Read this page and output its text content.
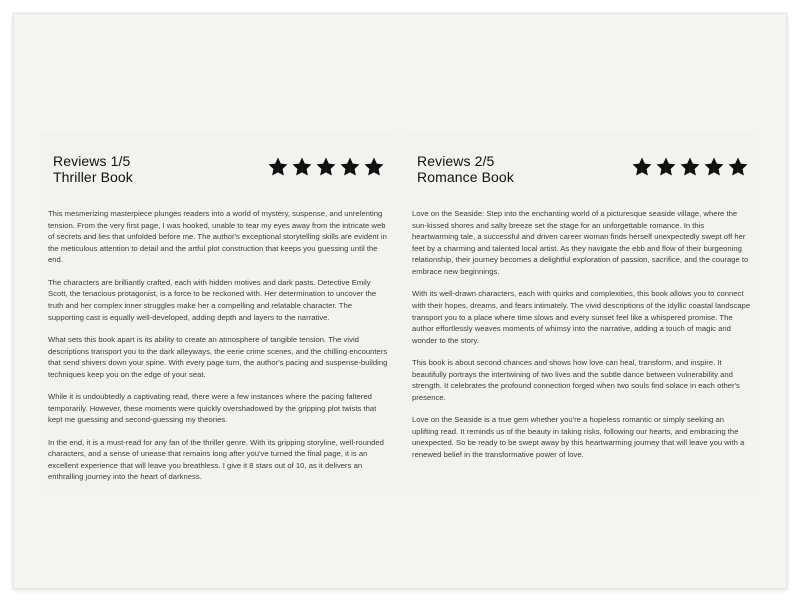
Reviews 1/5
Thriller Book

This mesmerizing masterpiece plunges readers into a world of mystery, suspense, and unrelenting tension. From the very first page, I was hooked, unable to tear my eyes away from the intricate web of secrets and lies that unfolded before me. The author's exceptional storytelling skills are evident in the meticulous attention to detail and the artful plot construction that keeps you guessing until the end.

The characters are brilliantly crafted, each with hidden motives and dark pasts. Detective Emily Scott, the tenacious protagonist, is a force to be reckoned with. Her determination to uncover the truth and her complex inner struggles make her a compelling and relatable character. The supporting cast is equally well-developed, adding depth and layers to the narrative.

What sets this book apart is its ability to create an atmosphere of tangible tension. The vivid descriptions transport you to the dark alleyways, the eerie crime scenes, and the chilling encounters that send shivers down your spine. With every page turn, the author's pacing and suspense-building techniques keep you on the edge of your seat.

While it is undoubtedly a captivating read, there were a few instances where the pacing faltered temporarily. However, these moments were quickly overshadowed by the gripping plot twists that kept me guessing and second-guessing my theories.

In the end, it is a must-read for any fan of the thriller genre. With its gripping storyline, well-rounded characters, and a sense of unease that remains long after you've turned the final page, it is an excellent experience that will leave you breathless. I give it 8 stars out of 10, as it delivers an enthralling journey into the heart of darkness.

Reviews 2/5
Romance Book

Love on the Seaside: Step into the enchanting world of a picturesque seaside village, where the sun-kissed shores and salty breeze set the stage for an unforgettable romance. In this heartwarming tale, a successful and driven career woman finds herself unexpectedly swept off her feet by a charming and talented local artist. As they navigate the ebb and flow of their burgeoning relationship, their journey becomes a delightful exploration of passion, sacrifice, and the courage to embrace new beginnings.

With its well-drawn characters, each with quirks and complexities, this book allows you to connect with their hopes, dreams, and fears intimately. The vivid descriptions of the idyllic coastal landscape transport you to a place where time slows and every sunset feel like a whispered promise. The author effortlessly weaves moments of whimsy into the narrative, adding a touch of magic and wonder to the story.

This book is about second chances and shows how love can heal, transform, and inspire. It beautifully portrays the intertwining of two lives and the subtle dance between vulnerability and strength. It celebrates the profound connection forged when two souls find solace in each other's presence.

Love on the Seaside is a true gem whether you're a hopeless romantic or simply seeking an uplifting read. It reminds us of the beauty in taking risks, following our hearts, and embracing the unexpected. So be ready to be swept away by this heartwarming journey that will leave you with a renewed belief in the transformative power of love.
